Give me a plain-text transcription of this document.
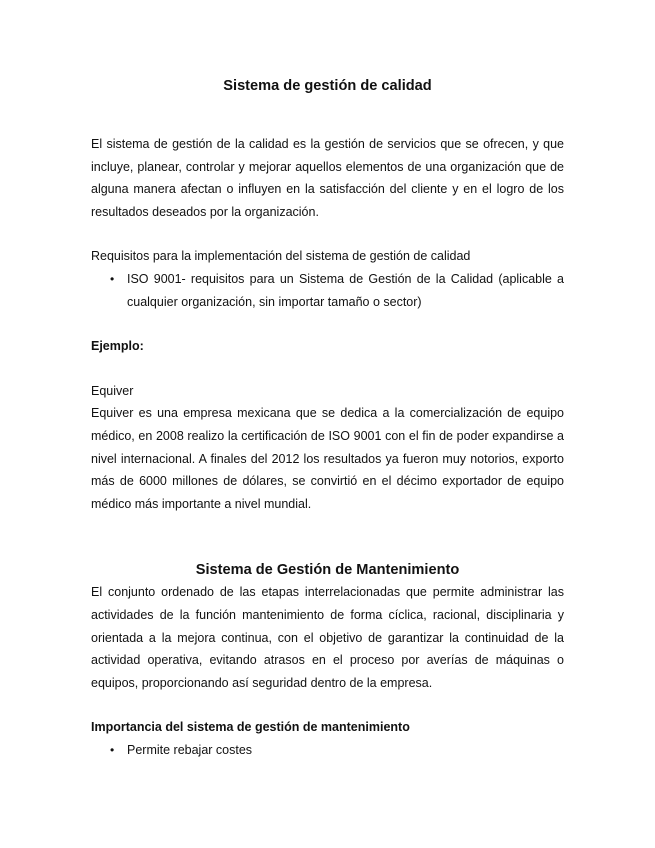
Sistema de gestión de calidad

El sistema de gestión de la calidad es la gestión de servicios que se ofrecen, y que incluye, planear, controlar y mejorar aquellos elementos de una organización que de alguna manera afectan o influyen en la satisfacción del cliente y en el logro de los resultados deseados por la organización.

Requisitos para la implementación del sistema de gestión de calidad

• ISO 9001- requisitos para un Sistema de Gestión de la Calidad (aplicable a cualquier organización, sin importar tamaño o sector)

Ejemplo:

Equiver

Equiver es una empresa mexicana que se dedica a la comercialización de equipo médico, en 2008 realizo la certificación de ISO 9001 con el fin de poder expandirse a nivel internacional. A finales del 2012 los resultados ya fueron muy notorios, exporto más de 6000 millones de dólares, se convirtió en el décimo exportador de equipo médico más importante a nivel mundial.

Sistema de Gestión de Mantenimiento

El conjunto ordenado de las etapas interrelacionadas que permite administrar las actividades de la función mantenimiento de forma cíclica, racional, disciplinaria y orientada a la mejora continua, con el objetivo de garantizar la continuidad de la actividad operativa, evitando atrasos en el proceso por averías de máquinas o equipos, proporcionando así seguridad dentro de la empresa.

Importancia del sistema de gestión de mantenimiento

• Permite rebajar costes
